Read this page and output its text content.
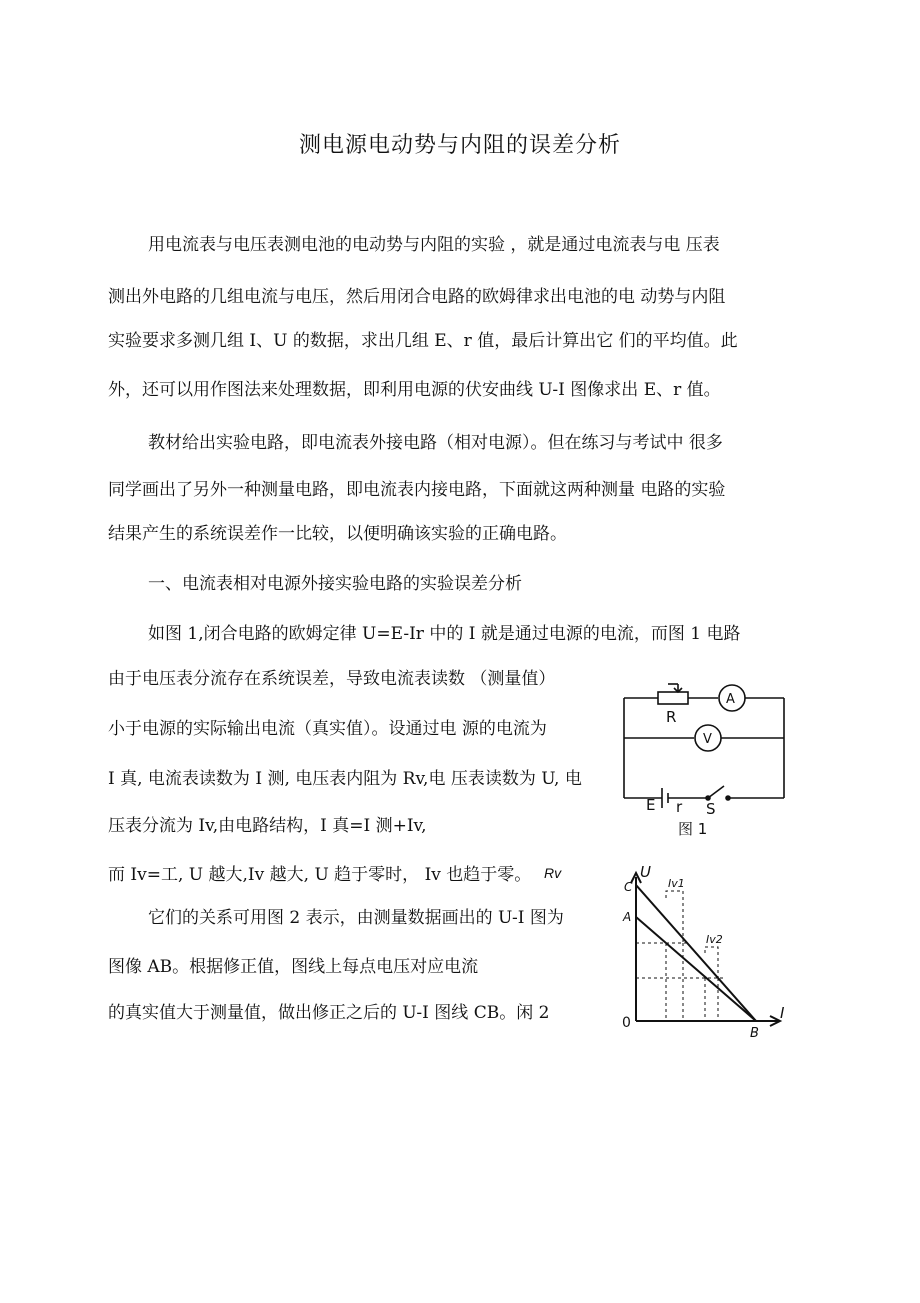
测电源电动势与内阻的误差分析
用电流表与电压表测电池的电动势与内阻的实验 ，就是通过电流表与电 压表
测出外电路的几组电流与电压，然后用闭合电路的欧姆律求出电池的电 动势与内阻
实验要求多测几组 I、U 的数据，求出几组 E、r 值，最后计算出它 们的平均值。此
外，还可以用作图法来处理数据，即利用电源的伏安曲线 U-I 图像求出 E、r 值。
教材给出实验电路，即电流表外接电路（相对电源）。但在练习与考试中 很多
同学画出了另外一种测量电路，即电流表内接电路，下面就这两种测量 电路的实验
结果产生的系统误差作一比较，以便明确该实验的正确电路。
一、电流表相对电源外接实验电路的实验误差分析
如图 1,闭合电路的欧姆定律 U=E-Ir 中的 I 就是通过电源的电流，而图 1 电路
由于电压表分流存在系统误差，导致电流表读数 （测量值）
小于电源的实际输出电流（真实值）。设通过电 源的电流为
I 真, 电流表读数为 I 测, 电压表内阻为 Rv,电 压表读数为 U, 电
压表分流为 Iv,由电路结构，I 真=I 测+Iv,
而 Iv=工, U 越大,Iv 越大, U 趋于零时， Iv 也趋于零。
它们的关系可用图 2 表示，由测量数据画出的 U-I 图为
图像 AB。根据修正值，图线上每点电压对应电流
的真实值大于测量值，做出修正之后的 U-I 图线 CB。闲 2
Rv
R
A
V
E r S
图 1
U
I
0
A
B
C	Iv1
Iv2
